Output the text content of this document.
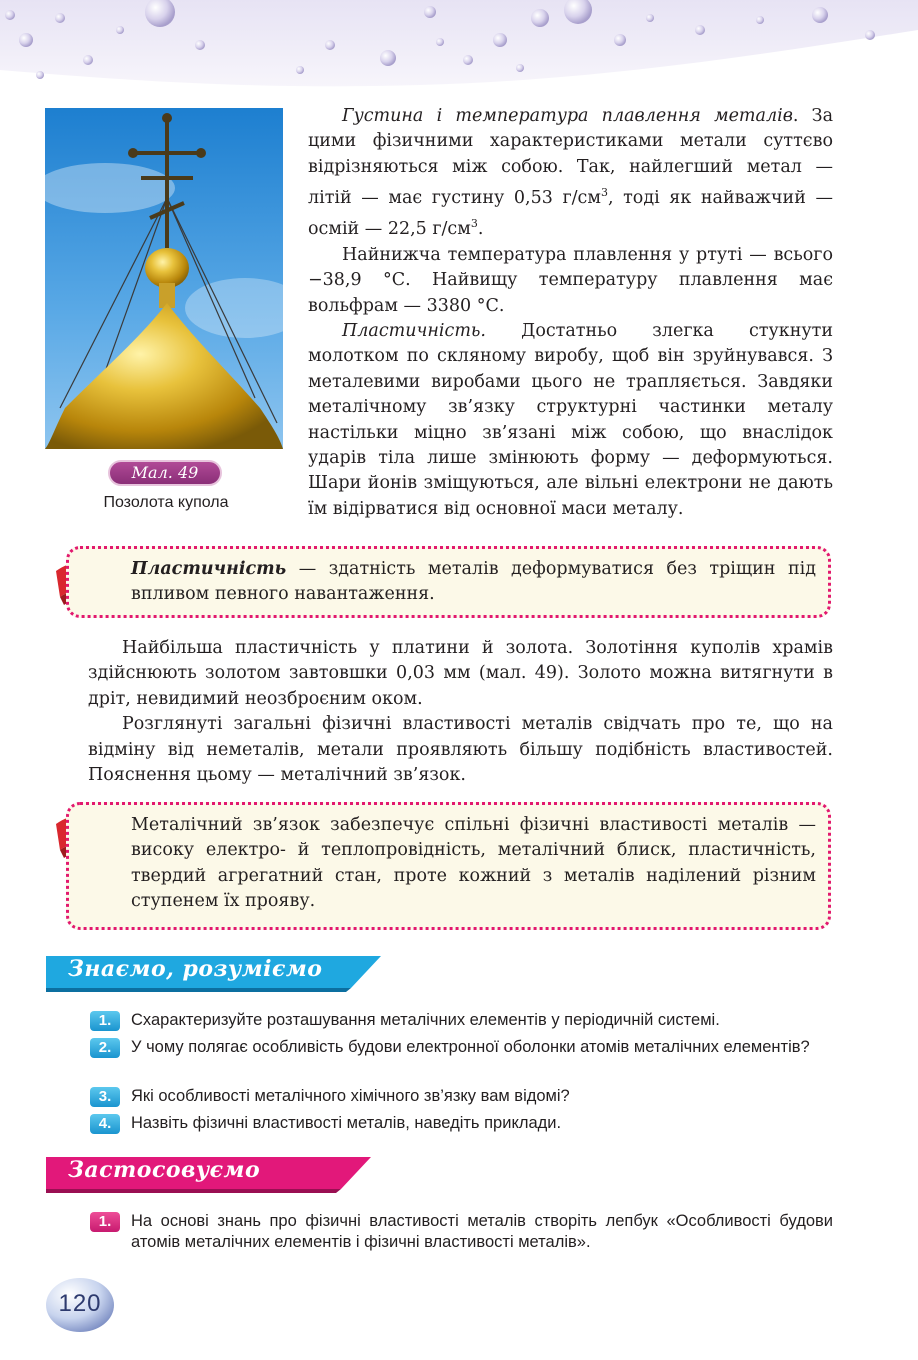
Мал. 49
Позолота купола

Густина і температура плавлення металів. За цими фізичними характеристиками метали суттєво відрізняються між собою. Так, найлегший метал — літій — має густину 0,53 $г/см^3$, тоді як найважчий — осмій — 22,5 $г/см^3$.

Найнижча температура плавлення у ртуті — всього −38,9 °С. Найвищу температуру плавлення має вольфрам — 3380 °С.

Пластичність. Достатньо злегка стукнути молотком по скляному виробу, щоб він зруйнувався. З металевими виробами цього не трапляється. Завдяки металічному зв’язку структурні частинки металу настільки міцно зв’язані між собою, що внаслідок ударів тіла лише змінюють форму — деформуються. Шари йонів зміщуються, але вільні електрони не дають їм відірватися від основної маси металу.

Пластичність — здатність металів деформуватися без тріщин під впливом певного навантаження.

Найбільша пластичність у платини й золота. Золотіння куполів храмів здійснюють золотом завтовшки 0,03 мм (мал. 49). Золото можна витягнути в дріт, невидимий неозброєним оком.

Розглянуті загальні фізичні властивості металів свідчать про те, що на відміну від неметалів, метали проявляють більшу подібність властивостей. Пояснення цьому — металічний зв’язок.

Металічний зв’язок забезпечує спільні фізичні властивості металів — високу електро- й теплопровідність, металічний блиск, пластичність, твердий агрегатний стан, проте кожний з металів наділений різним ступенем їх прояву.

Знаємо, розуміємо
1.	Схарактеризуйте розташування металічних елементів у періодичній системі.
2.	У чому полягає особливість будови електронної оболонки атомів металічних елементів?
3.	Які особливості металічного хімічного зв’язку вам відомі?
4.	Назвіть фізичні властивості металів, наведіть приклади.
Застосовуємо
1.	На основі знань про фізичні властивості металів створіть лепбук «Особливості будови атомів металічних елементів і фізичні властивості металів».
120
